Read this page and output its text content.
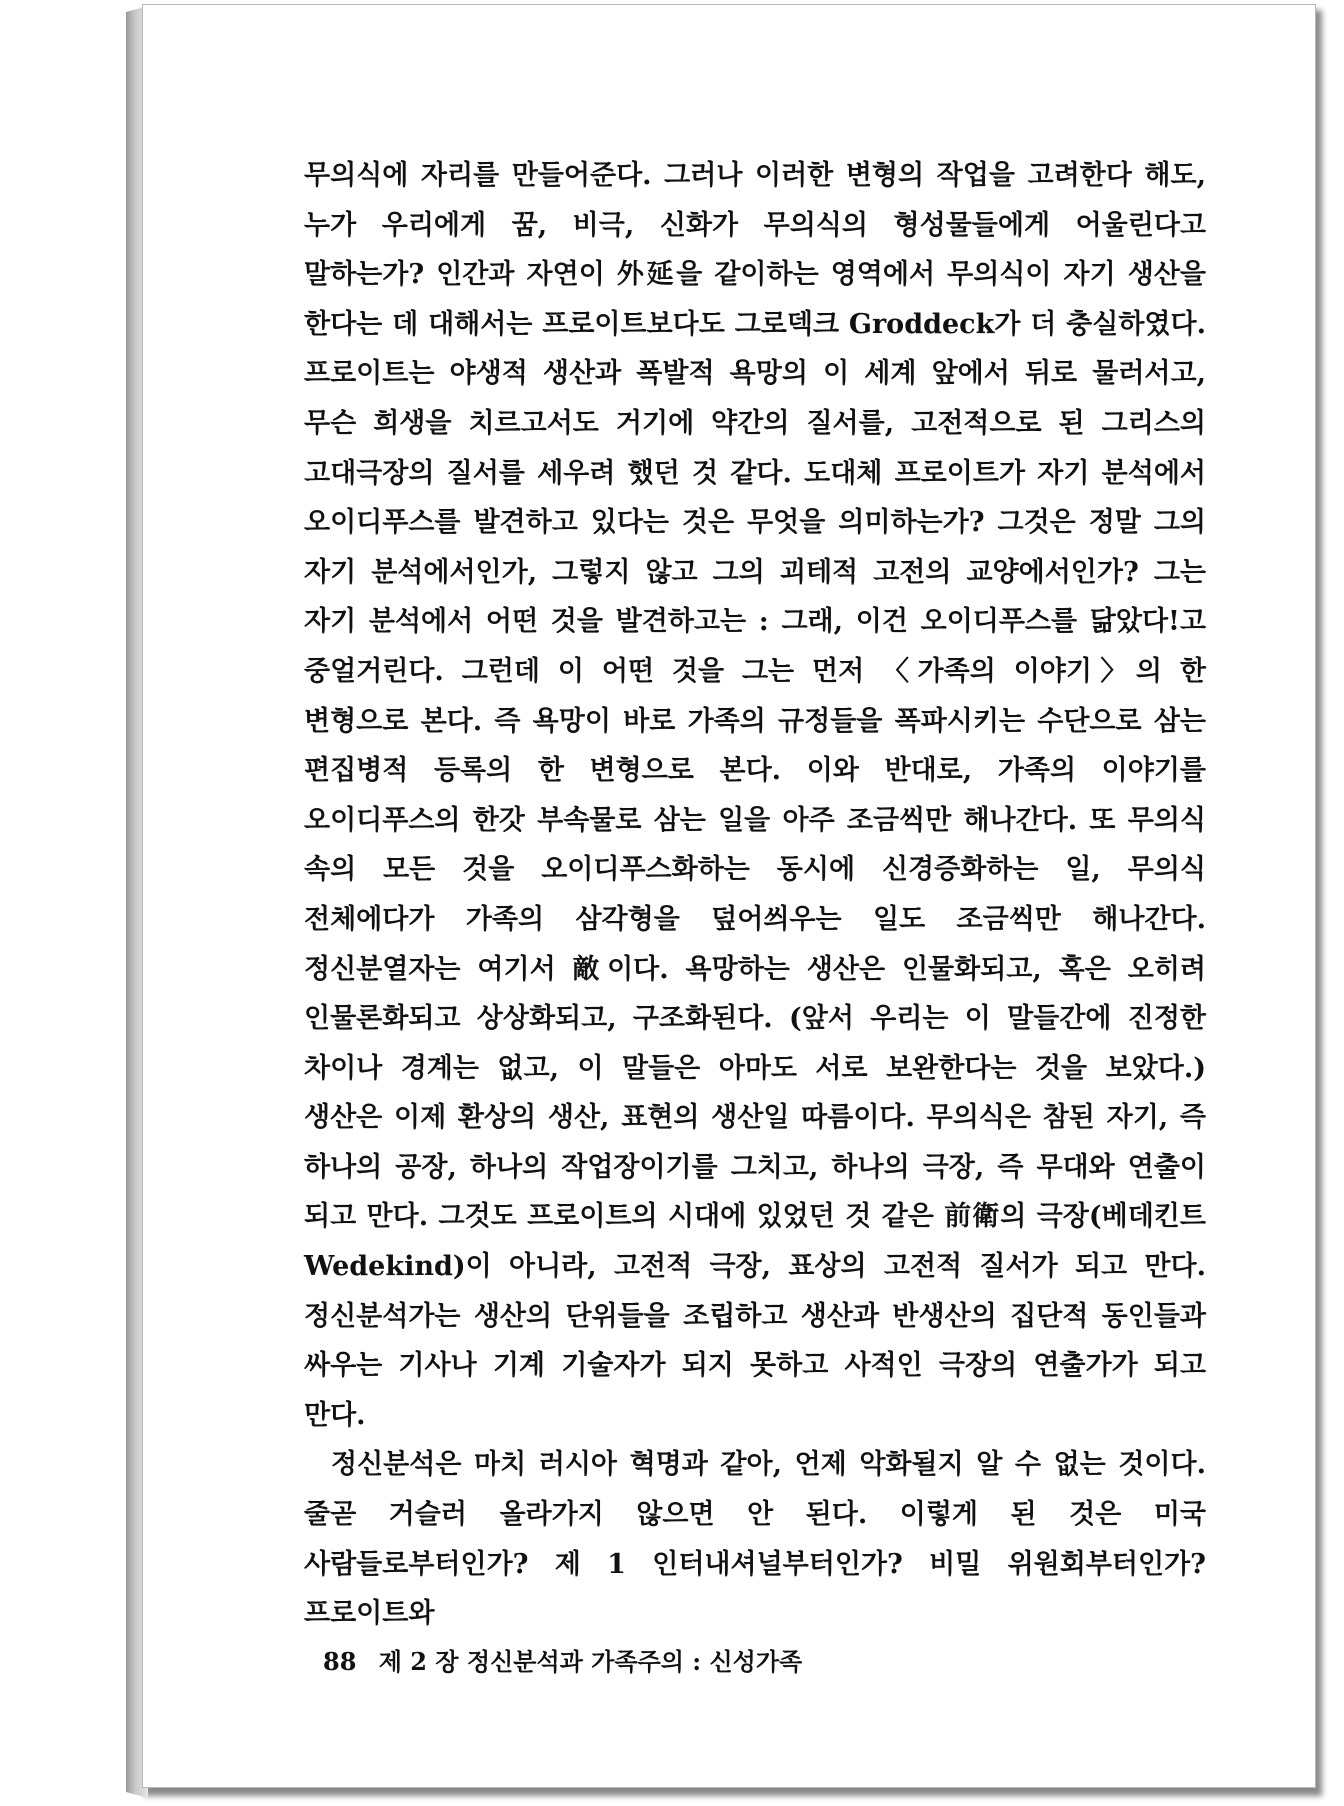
무의식에 자리를 만들어준다. 그러나 이러한 변형의 작업을 고려한다 해도, 누가 우리에게 꿈, 비극, 신화가 무의식의 형성물들에게 어울린다고 말하는가? 인간과 자연이 外延을 같이하는 영역에서 무의식이 자기 생산을 한다는 데 대해서는 프로이트보다도 그로덱크 Groddeck가 더 충실하였다. 프로이트는 야생적 생산과 폭발적 욕망의 이 세계 앞에서 뒤로 물러서고, 무슨 희생을 치르고서도 거기에 약간의 질서를, 고전적으로 된 그리스의 고대극장의 질서를 세우려 했던 것 같다. 도대체 프로이트가 자기 분석에서 오이디푸스를 발견하고 있다는 것은 무엇을 의미하는가? 그것은 정말 그의 자기 분석에서인가, 그렇지 않고 그의 괴테적 고전의 교양에서인가? 그는 자기 분석에서 어떤 것을 발견하고는 : 그래, 이건 오이디푸스를 닮았다!고 중얼거린다. 그런데 이 어떤 것을 그는 먼저 〈가족의 이야기〉의 한 변형으로 본다. 즉 욕망이 바로 가족의 규정들을 폭파시키는 수단으로 삼는 편집병적 등록의 한 변형으로 본다. 이와 반대로, 가족의 이야기를 오이디푸스의 한갓 부속물로 삼는 일을 아주 조금씩만 해나간다. 또 무의식 속의 모든 것을 오이디푸스화하는 동시에 신경증화하는 일, 무의식 전체에다가 가족의 삼각형을 덮어씌우는 일도 조금씩만 해나간다. 정신분열자는 여기서 敵이다. 욕망하는 생산은 인물화되고, 혹은 오히려 인물론화되고 상상화되고, 구조화된다. (앞서 우리는 이 말들간에 진정한 차이나 경계는 없고, 이 말들은 아마도 서로 보완한다는 것을 보았다.) 생산은 이제 환상의 생산, 표현의 생산일 따름이다. 무의식은 참된 자기, 즉 하나의 공장, 하나의 작업장이기를 그치고, 하나의 극장, 즉 무대와 연출이 되고 만다. 그것도 프로이트의 시대에 있었던 것 같은 前衛의 극장(베데킨트 Wedekind)이 아니라, 고전적 극장, 표상의 고전적 질서가 되고 만다. 정신분석가는 생산의 단위들을 조립하고 생산과 반생산의 집단적 동인들과 싸우는 기사나 기계 기술자가 되지 못하고 사적인 극장의 연출가가 되고 만다.

정신분석은 마치 러시아 혁명과 같아, 언제 악화될지 알 수 없는 것이다. 줄곧 거슬러 올라가지 않으면 안 된다. 이렇게 된 것은 미국 사람들로부터인가? 제 1 인터내셔널부터인가? 비밀 위원회부터인가? 프로이트와

88 제 2 장 정신분석과 가족주의 : 신성가족
